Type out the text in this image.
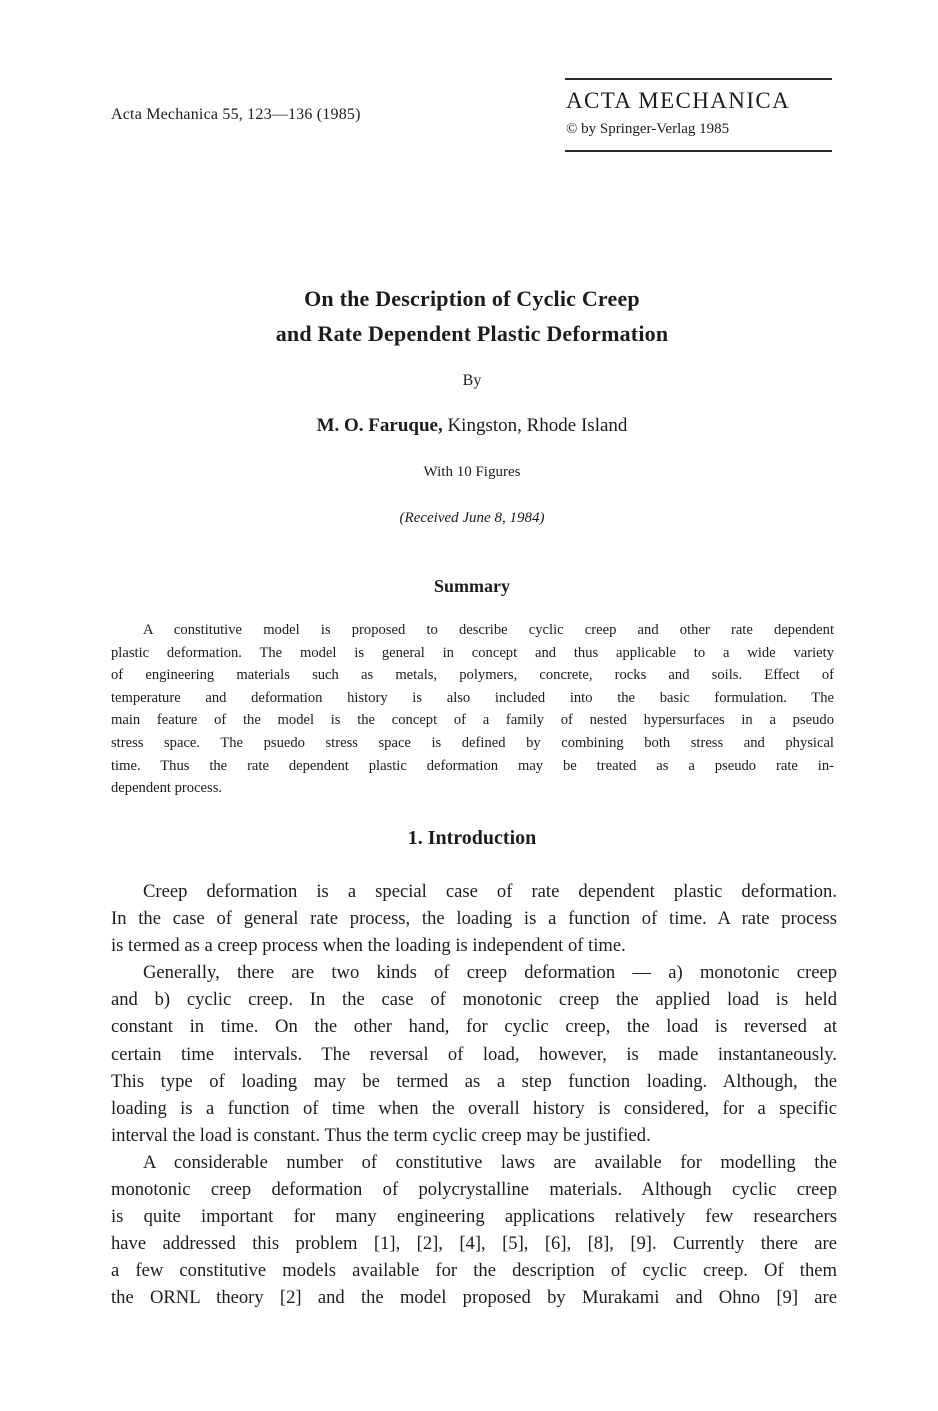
Acta Mechanica 55, 123—136 (1985)
ACTA MECHANICA
© by Springer-Verlag 1985
On the Description of Cyclic Creep
and Rate Dependent Plastic Deformation
By
M. O. Faruque, Kingston, Rhode Island
With 10 Figures
(Received June 8, 1984)
Summary
A constitutive model is proposed to describe cyclic creep and other rate dependent
plastic deformation. The model is general in concept and thus applicable to a wide variety
of engineering materials such as metals, polymers, concrete, rocks and soils. Effect of
temperature and deformation history is also included into the basic formulation. The
main feature of the model is the concept of a family of nested hypersurfaces in a pseudo
stress space. The psuedo stress space is defined by combining both stress and physical
time. Thus the rate dependent plastic deformation may be treated as a pseudo rate in-
dependent process.
1. Introduction
Creep deformation is a special case of rate dependent plastic deformation.
In the case of general rate process, the loading is a function of time. A rate process
is termed as a creep process when the loading is independent of time.
Generally, there are two kinds of creep deformation — a) monotonic creep
and b) cyclic creep. In the case of monotonic creep the applied load is held
constant in time. On the other hand, for cyclic creep, the load is reversed at
certain time intervals. The reversal of load, however, is made instantaneously.
This type of loading may be termed as a step function loading. Although, the
loading is a function of time when the overall history is considered, for a specific
interval the load is constant. Thus the term cyclic creep may be justified.
A considerable number of constitutive laws are available for modelling the
monotonic creep deformation of polycrystalline materials. Although cyclic creep
is quite important for many engineering applications relatively few researchers
have addressed this problem [1], [2], [4], [5], [6], [8], [9]. Currently there are
a few constitutive models available for the description of cyclic creep. Of them
the ORNL theory [2] and the model proposed by Murakami and Ohno [9] are
